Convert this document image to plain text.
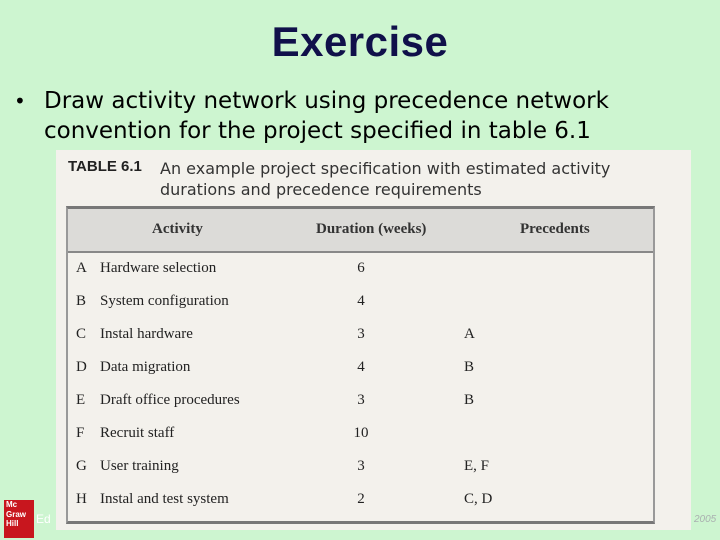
Exercise
• Draw activity network using precedence network convention for the project specified in table 6.1
TABLE 6.1 An example project specification with estimated activity durations and precedence requirements
Activity	Duration (weeks)	Precedents
A Hardware selection	6
B System configuration	4
C Instal hardware	3	A
D Data migration	4	B
E Draft office procedures	3	B
F Recruit staff	10
G User training	3	E, F
H Instal and test system	2	C, D
Mc Graw Hill	Ed	2005
